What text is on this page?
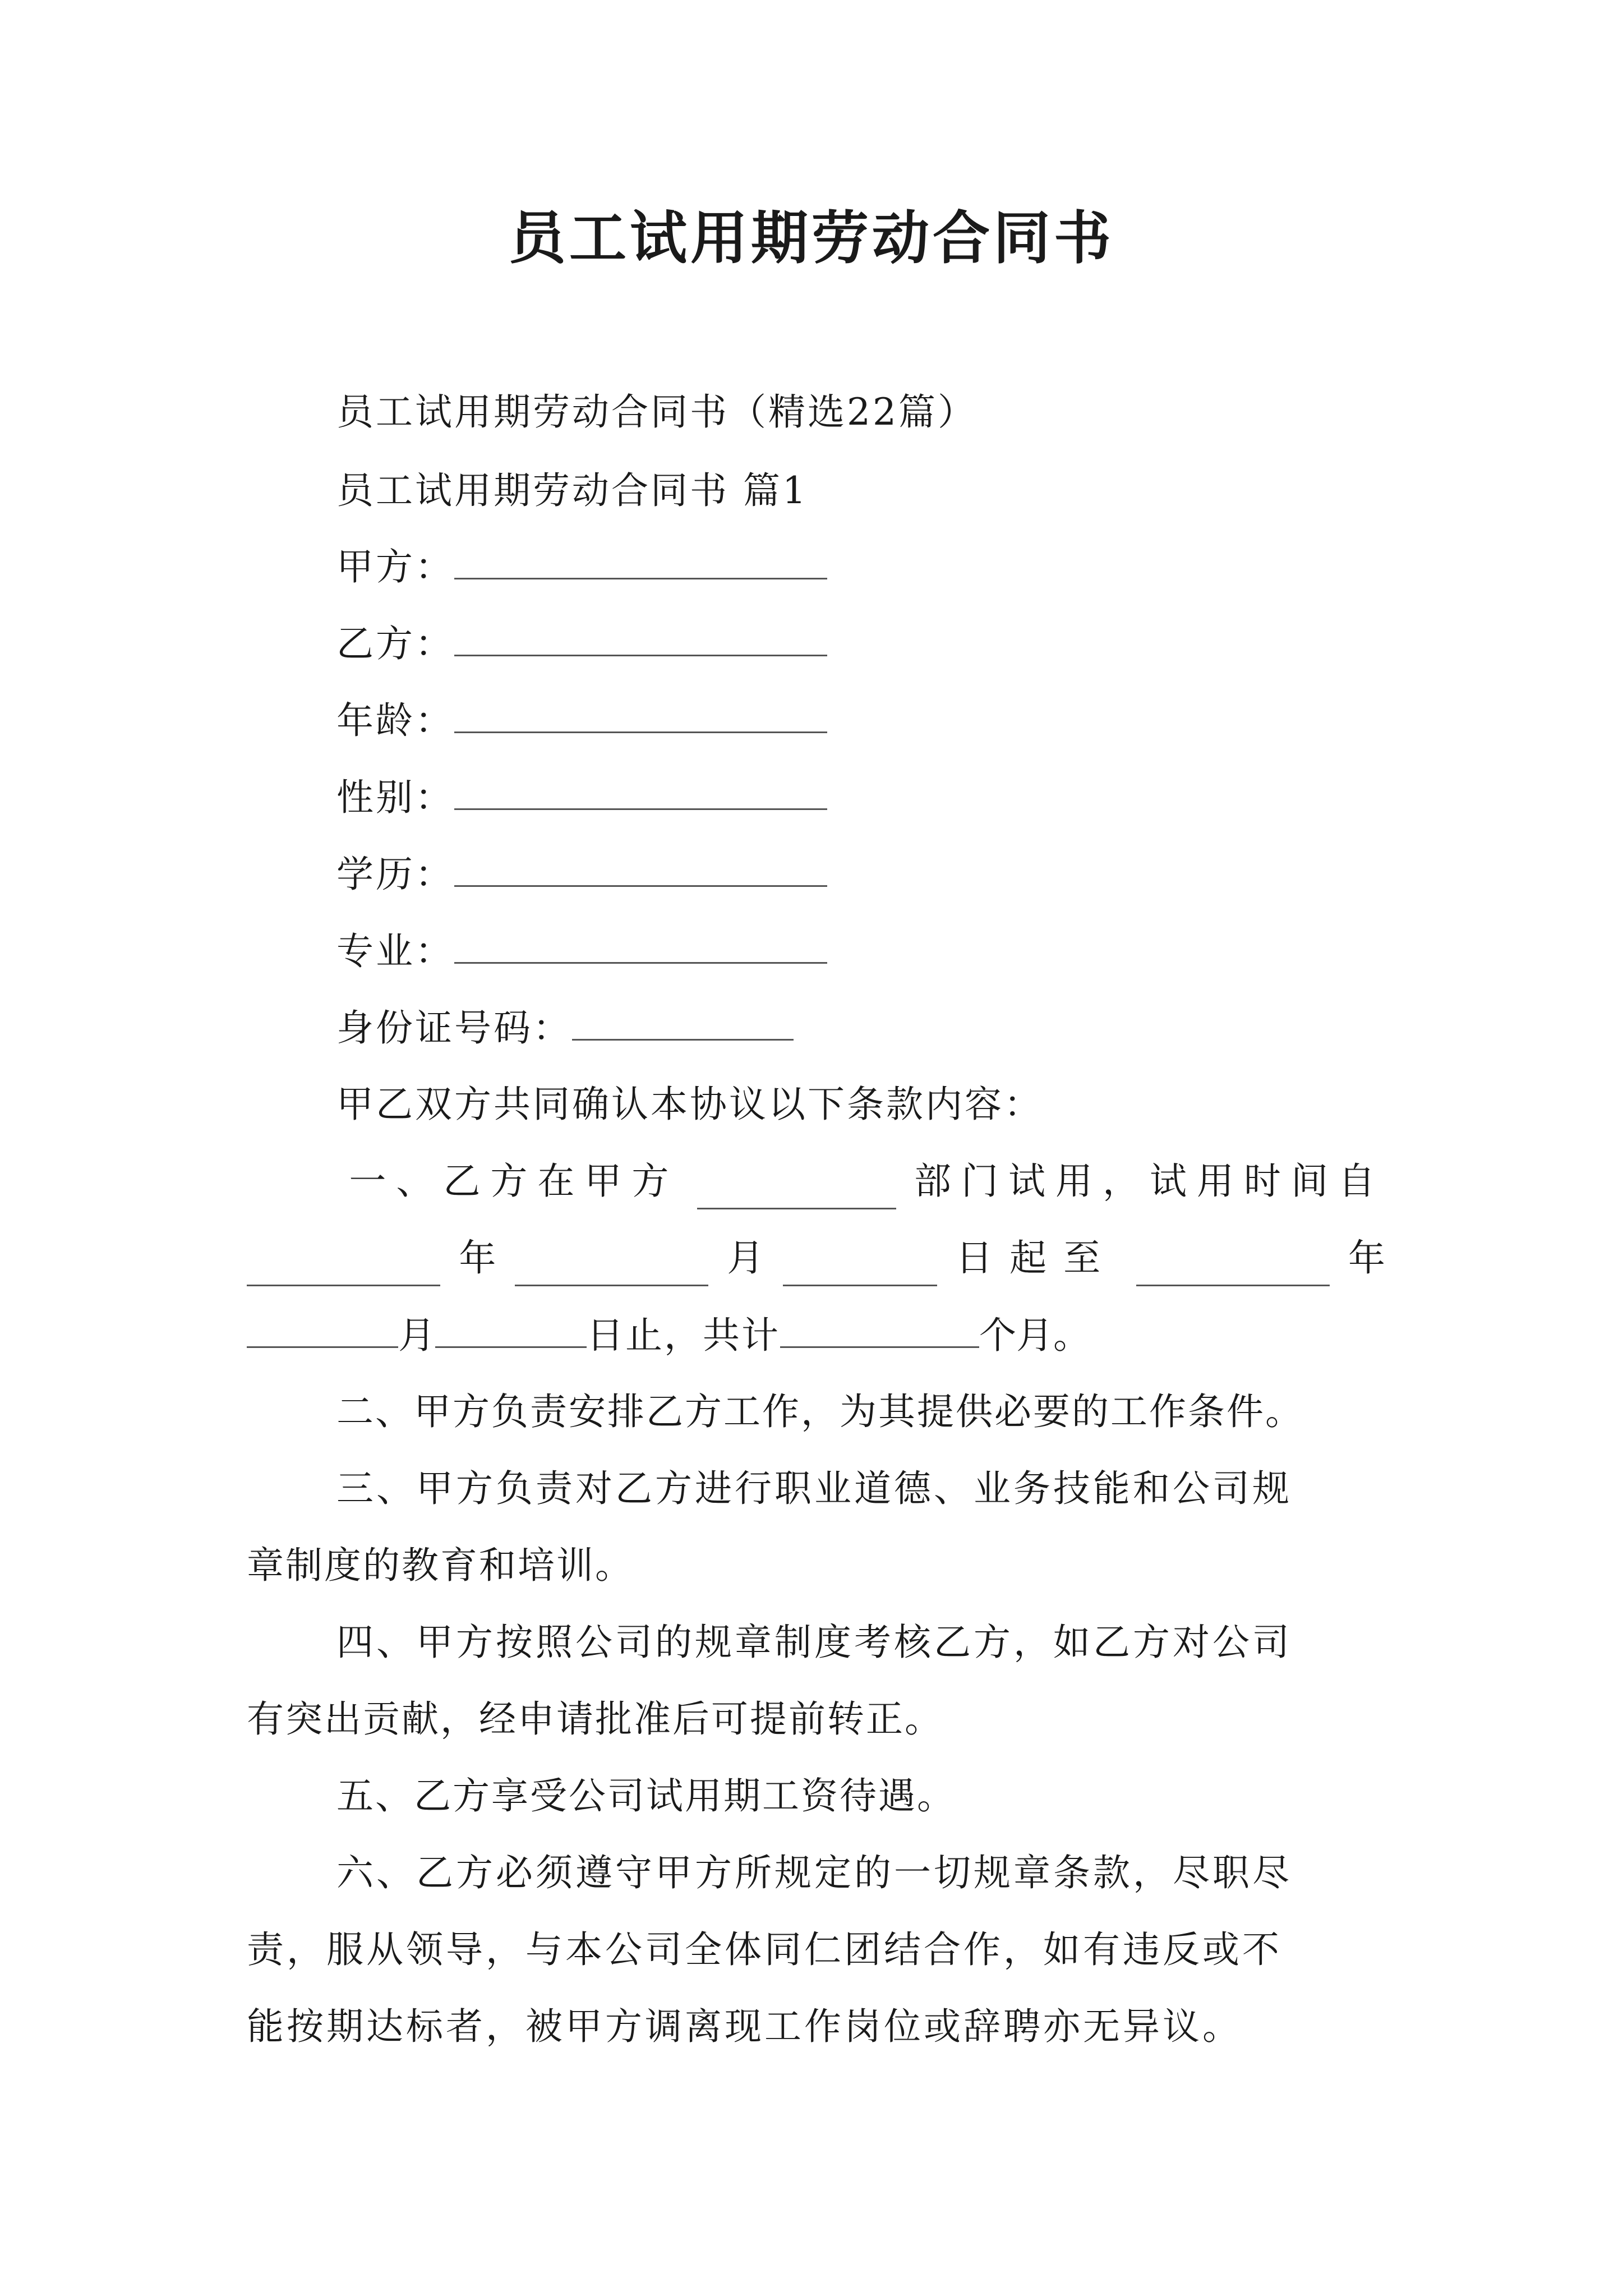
员工试用期劳动合同书
员工试用期劳动合同书（精选22篇）
员工试用期劳动合同书 篇1
甲方：
乙方：
年龄：
性别：
学历：
专业：
身份证号码：
甲乙双方共同确认本协议以下条款内容：
一、乙方在甲方	部门试用，试用时间自
年	月	日起至	年
月	日止，共计	个月。
二、甲方负责安排乙方工作，为其提供必要的工作条件。
三、甲方负责对乙方进行职业道德、业务技能和公司规
章制度的教育和培训。
四、甲方按照公司的规章制度考核乙方，如乙方对公司
有突出贡献，经申请批准后可提前转正。
五、乙方享受公司试用期工资待遇。
六、乙方必须遵守甲方所规定的一切规章条款，尽职尽
责，服从领导，与本公司全体同仁团结合作，如有违反或不
能按期达标者，被甲方调离现工作岗位或辞聘亦无异议。
